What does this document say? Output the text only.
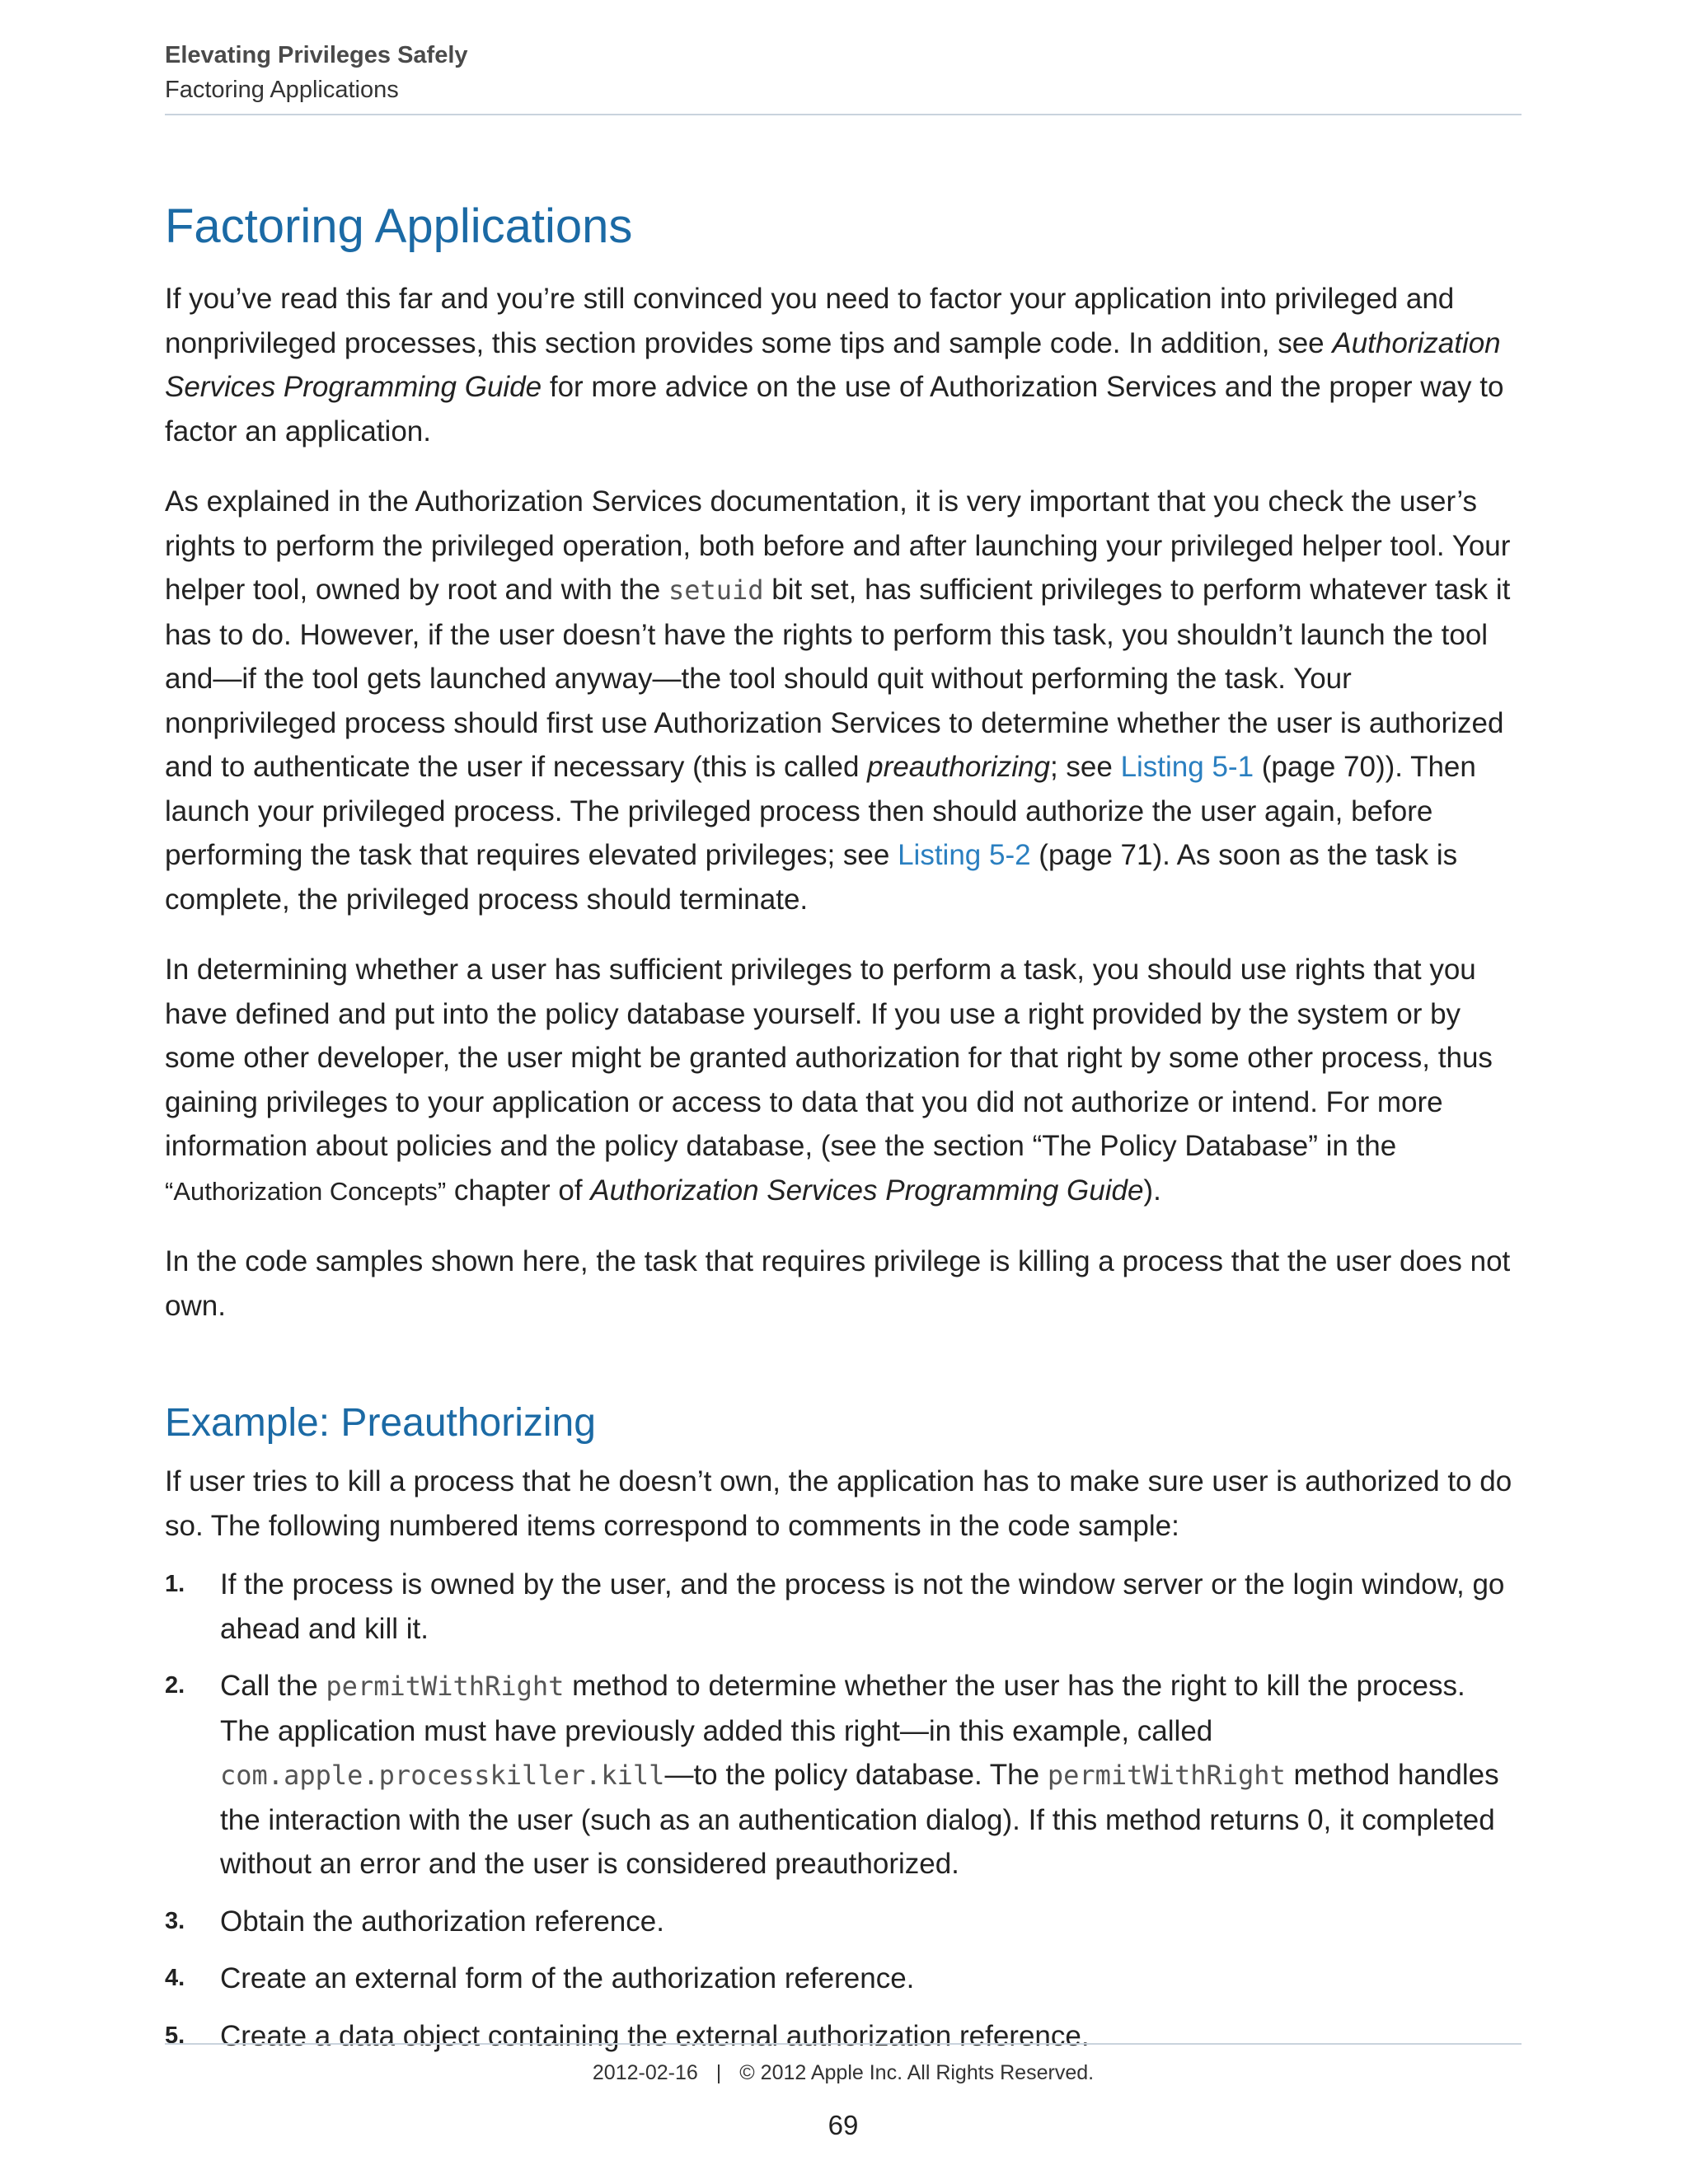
Elevating Privileges Safely
Factoring Applications
Factoring Applications

If you’ve read this far and you’re still convinced you need to factor your application into privileged and nonprivileged processes, this section provides some tips and sample code. In addition, see Authorization Services Programming Guide for more advice on the use of Authorization Services and the proper way to factor an application.

As explained in the Authorization Services documentation, it is very important that you check the user’s rights to perform the privileged operation, both before and after launching your privileged helper tool. Your helper tool, owned by root and with the setuid bit set, has sufficient privileges to perform whatever task it has to do. However, if the user doesn’t have the rights to perform this task, you shouldn’t launch the tool and—if the tool gets launched anyway—the tool should quit without performing the task. Your nonprivileged process should first use Authorization Services to determine whether the user is authorized and to authenticate the user if necessary (this is called preauthorizing; see Listing 5-1 (page 70)). Then launch your privileged process. The privileged process then should authorize the user again, before performing the task that requires elevated privileges; see Listing 5-2 (page 71). As soon as the task is complete, the privileged process should terminate.

In determining whether a user has sufficient privileges to perform a task, you should use rights that you have defined and put into the policy database yourself. If you use a right provided by the system or by some other developer, the user might be granted authorization for that right by some other process, thus gaining privileges to your application or access to data that you did not authorize or intend. For more information about policies and the policy database, (see the section “The Policy Database” in the “Authorization Concepts” chapter of Authorization Services Programming Guide).

In the code samples shown here, the task that requires privilege is killing a process that the user does not own.

Example: Preauthorizing

If user tries to kill a process that he doesn’t own, the application has to make sure user is authorized to do so. The following numbered items correspond to comments in the code sample:

1. If the process is owned by the user, and the process is not the window server or the login window, go ahead and kill it.
2. Call the permitWithRight method to determine whether the user has the right to kill the process. The application must have previously added this right—in this example, called com.apple.processkiller.kill—to the policy database. The permitWithRight method handles the interaction with the user (such as an authentication dialog). If this method returns 0, it completed without an error and the user is considered preauthorized.
3. Obtain the authorization reference.
4. Create an external form of the authorization reference.
5. Create a data object containing the external authorization reference.
2012-02-16 | © 2012 Apple Inc. All Rights Reserved.
69
